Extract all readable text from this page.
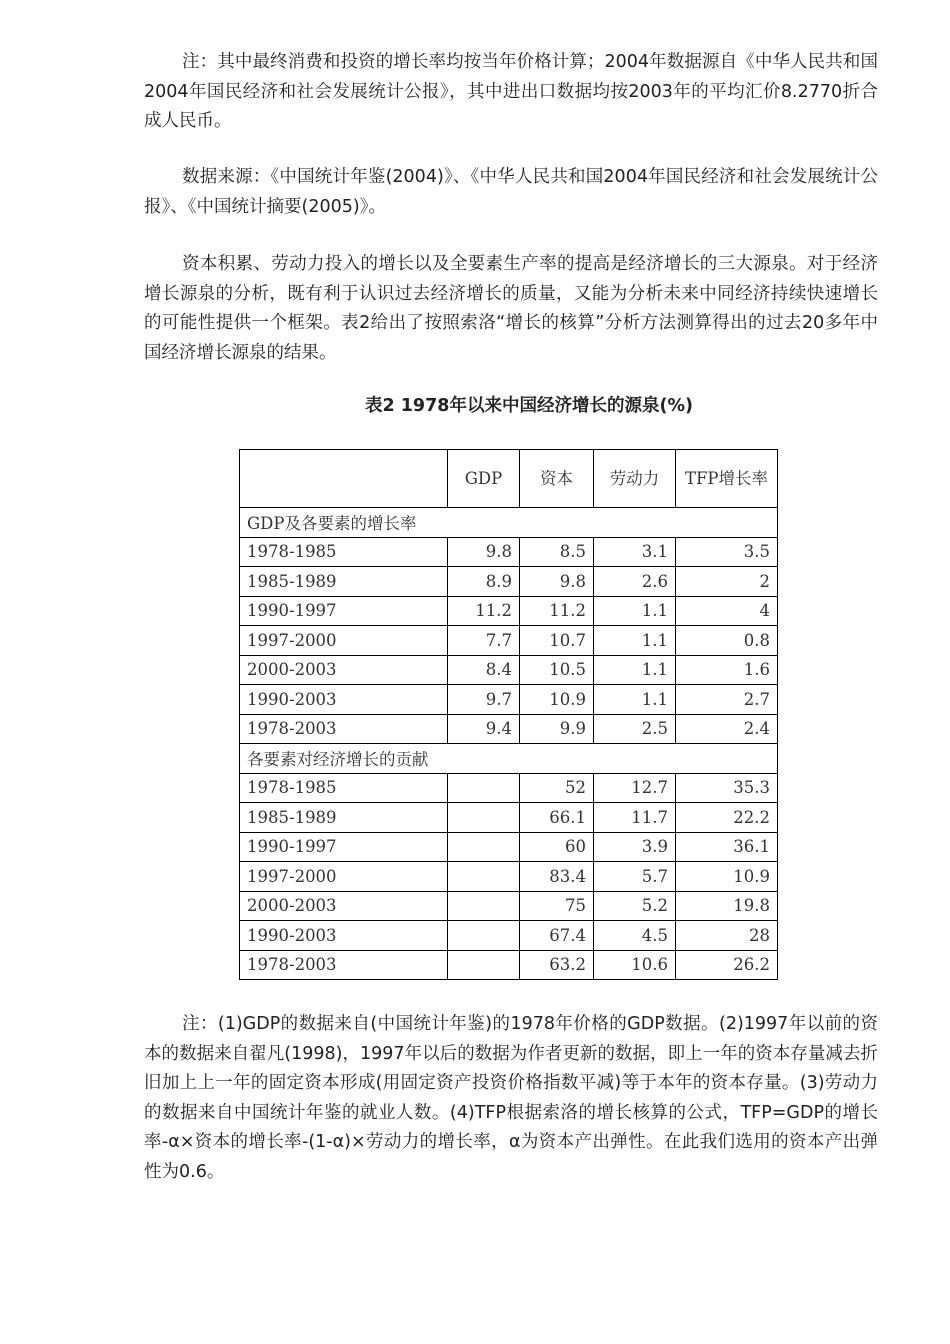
注：其中最终消费和投资的增长率均按当年价格计算；2004年数据源自《中华人民共和国2004年国民经济和社会发展统计公报》，其中进出口数据均按2003年的平均汇价8.2770折合成人民币。

数据来源：《中国统计年鉴(2004)》、《中华人民共和国2004年国民经济和社会发展统计公报》、《中国统计摘要(2005)》。

资本积累、劳动力投入的增长以及全要素生产率的提高是经济增长的三大源泉。对于经济增长源泉的分析，既有利于认识过去经济增长的质量，又能为分析未来中同经济持续快速增长的可能性提供一个框架。表2给出了按照索洛“增长的核算”分析方法测算得出的过去20多年中国经济增长源泉的结果。

表2 1978年以来中国经济增长的源泉(%)

	GDP	资本	劳动力	TFP增长率
GDP及各要素的增长率				
1978-1985	9.8	8.5	3.1	3.5
1985-1989	8.9	9.8	2.6	2
1990-1997	11.2	11.2	1.1	4
1997-2000	7.7	10.7	1.1	0.8
2000-2003	8.4	10.5	1.1	1.6
1990-2003	9.7	10.9	1.1	2.7
1978-2003	9.4	9.9	2.5	2.4
各要素对经济增长的贡献				
1978-1985		52	12.7	35.3
1985-1989		66.1	11.7	22.2
1990-1997		60	3.9	36.1
1997-2000		83.4	5.7	10.9
2000-2003		75	5.2	19.8
1990-2003		67.4	4.5	28
1978-2003		63.2	10.6	26.2

注：(1)GDP的数据来自(中国统计年鉴)的1978年价格的GDP数据。(2)1997年以前的资本的数据来自翟凡(1998)，1997年以后的数据为作者更新的数据，即上一年的资本存量减去折旧加上上一年的固定资本形成(用固定资产投资价格指数平减)等于本年的资本存量。(3)劳动力的数据来自中国统计年鉴的就业人数。(4)TFP根据索洛的增长核算的公式，TFP=GDP的增长率-α×资本的增长率-(1-α)×劳动力的增长率，α为资本产出弹性。在此我们选用的资本产出弹性为0.6。
